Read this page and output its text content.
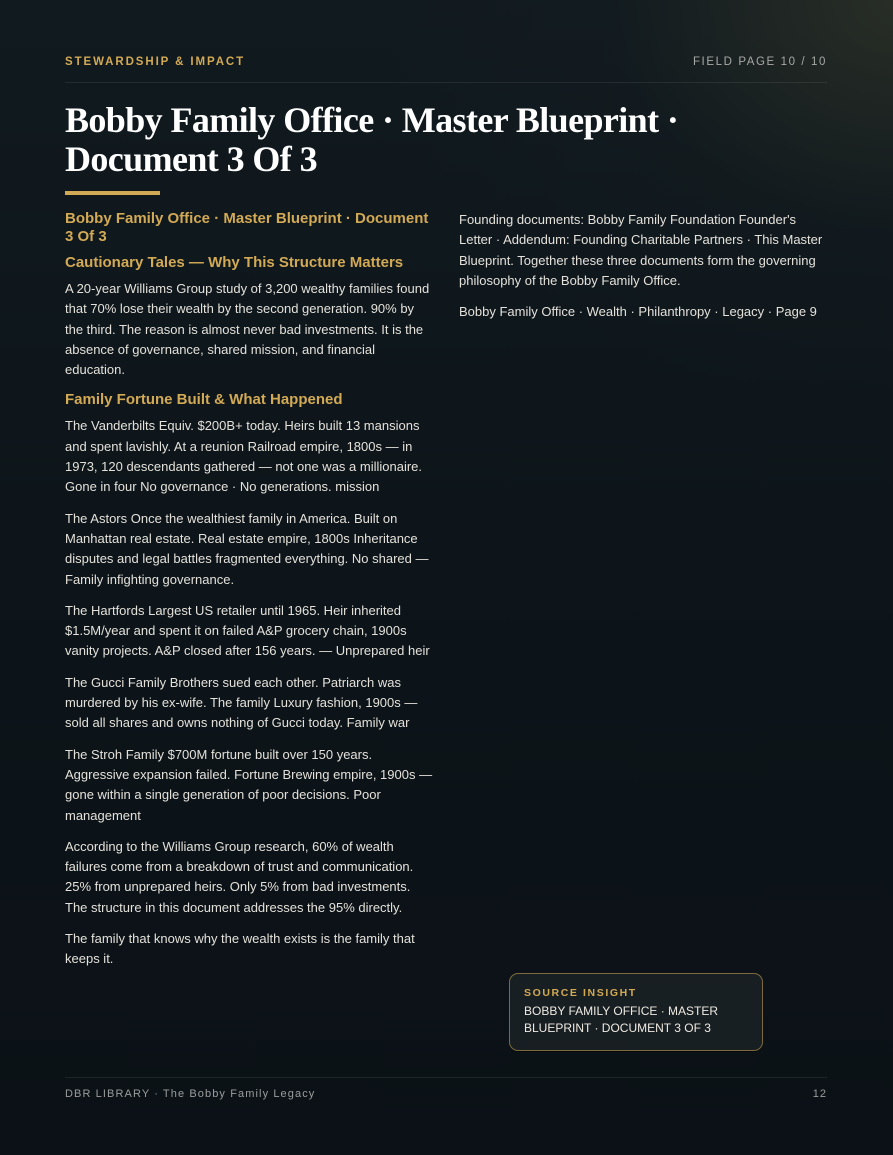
STEWARDSHIP & IMPACT	FIELD PAGE 10 / 10
Bobby Family Office · Master Blueprint · Document 3 Of 3
Bobby Family Office · Master Blueprint · Document 3 Of 3
Cautionary Tales — Why This Structure Matters

A 20-year Williams Group study of 3,200 wealthy families found that 70% lose their wealth by the second generation. 90% by the third. The reason is almost never bad investments. It is the absence of governance, shared mission, and financial education.

Family Fortune Built & What Happened

The Vanderbilts Equiv. $200B+ today. Heirs built 13 mansions and spent lavishly. At a reunion Railroad empire, 1800s — in 1973, 120 descendants gathered — not one was a millionaire. Gone in four No governance · No generations. mission

The Astors Once the wealthiest family in America. Built on Manhattan real estate. Real estate empire, 1800s Inheritance disputes and legal battles fragmented everything. No shared — Family infighting governance.

The Hartfords Largest US retailer until 1965. Heir inherited $1.5M/year and spent it on failed A&P grocery chain, 1900s vanity projects. A&P closed after 156 years. — Unprepared heir

The Gucci Family Brothers sued each other. Patriarch was murdered by his ex-wife. The family Luxury fashion, 1900s — sold all shares and owns nothing of Gucci today. Family war

The Stroh Family $700M fortune built over 150 years. Aggressive expansion failed. Fortune Brewing empire, 1900s — gone within a single generation of poor decisions. Poor management

According to the Williams Group research, 60% of wealth failures come from a breakdown of trust and communication. 25% from unprepared heirs. Only 5% from bad investments. The structure in this document addresses the 95% directly.

The family that knows why the wealth exists is the family that keeps it.

Founding documents: Bobby Family Foundation Founder's Letter · Addendum: Founding Charitable Partners · This Master Blueprint. Together these three documents form the governing philosophy of the Bobby Family Office.

Bobby Family Office · Wealth · Philanthropy · Legacy · Page 9

SOURCE INSIGHT
BOBBY FAMILY OFFICE · MASTER BLUEPRINT · DOCUMENT 3 OF 3
DBR LIBRARY · The Bobby Family Legacy	12
